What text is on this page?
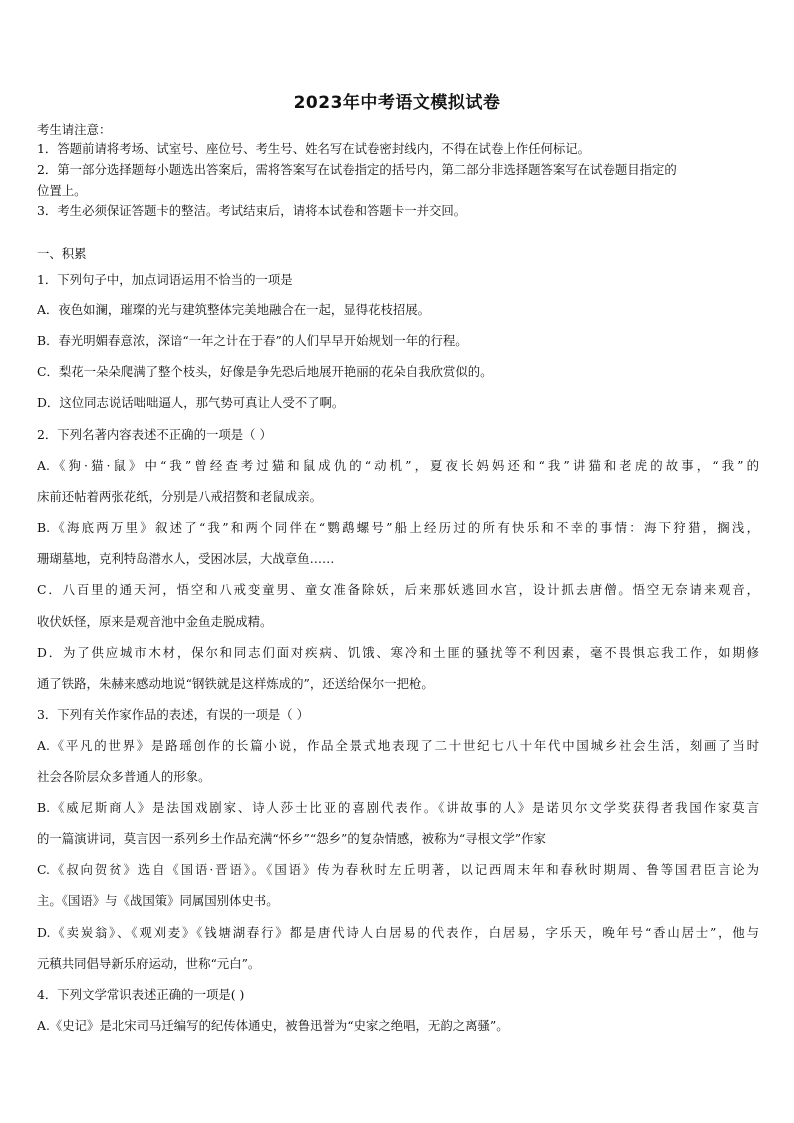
2023年中考语文模拟试卷
考生请注意：
1．答题前请将考场、试室号、座位号、考生号、姓名写在试卷密封线内，不得在试卷上作任何标记。
2．第一部分选择题每小题选出答案后，需将答案写在试卷指定的括号内，第二部分非选择题答案写在试卷题目指定的
位置上。
3．考生必须保证答题卡的整洁。考试结束后，请将本试卷和答题卡一并交回。
一、积累
1．下列句子中，加点词语运用不恰当的一项是
A．夜色如澜，璀璨的光与建筑整体完美地融合在一起，显得花枝招展。
B．春光明媚春意浓，深谙“一年之计在于春”的人们早早开始规划一年的行程。
C．梨花一朵朵爬满了整个枝头，好像是争先恐后地展开艳丽的花朵自我欣赏似的。
D．这位同志说话咄咄逼人，那气势可真让人受不了啊。
2．下列名著内容表述不正确的一项是（ ）
A.《狗·猫·鼠》中“我”曾经查考过猫和鼠成仇的“动机”，夏夜长妈妈还和“我”讲猫和老虎的故事，“我”的
床前还帖着两张花纸，分别是八戒招赘和老鼠成亲。
B.《海底两万里》叙述了“我”和两个同伴在“鹦鹉螺号”船上经历过的所有快乐和不幸的事情：海下狩猎，搁浅，
珊瑚墓地，克利特岛潜水人，受困冰层，大战章鱼……
C．八百里的通天河，悟空和八戒变童男、童女准备除妖，后来那妖逃回水宫，设计抓去唐僧。悟空无奈请来观音，
收伏妖怪，原来是观音池中金鱼走脱成精。
D．为了供应城市木材，保尔和同志们面对疾病、饥饿、寒冷和土匪的骚扰等不利因素，毫不畏惧忘我工作，如期修
通了铁路，朱赫来感动地说“钢铁就是这样炼成的”，还送给保尔一把枪。
3．下列有关作家作品的表述，有误的一项是（ ）
A.《平凡的世界》是路瑶创作的长篇小说，作品全景式地表现了二十世纪七八十年代中国城乡社会生活，刻画了当时
社会各阶层众多普通人的形象。
B.《威尼斯商人》是法国戏剧家、诗人莎士比亚的喜剧代表作。《讲故事的人》是诺贝尔文学奖获得者我国作家莫言
的一篇演讲词，莫言因一系列乡土作品充满“怀乡”“怨乡”的复杂情感，被称为“寻根文学”作家
C.《叔向贺贫》选自《国语·晋语》。《国语》传为春秋时左丘明著，以记西周末年和春秋时期周、鲁等国君臣言论为
主。《国语》与《战国策》同属国别体史书。
D.《卖炭翁》、《观刈麦》《钱塘湖春行》都是唐代诗人白居易的代表作，白居易，字乐天，晚年号“香山居士”，他与
元稹共同倡导新乐府运动，世称“元白”。
4．下列文学常识表述正确的一项是( )
A.《史记》是北宋司马迁编写的纪传体通史，被鲁迅誉为“史家之绝唱，无韵之离骚”。
